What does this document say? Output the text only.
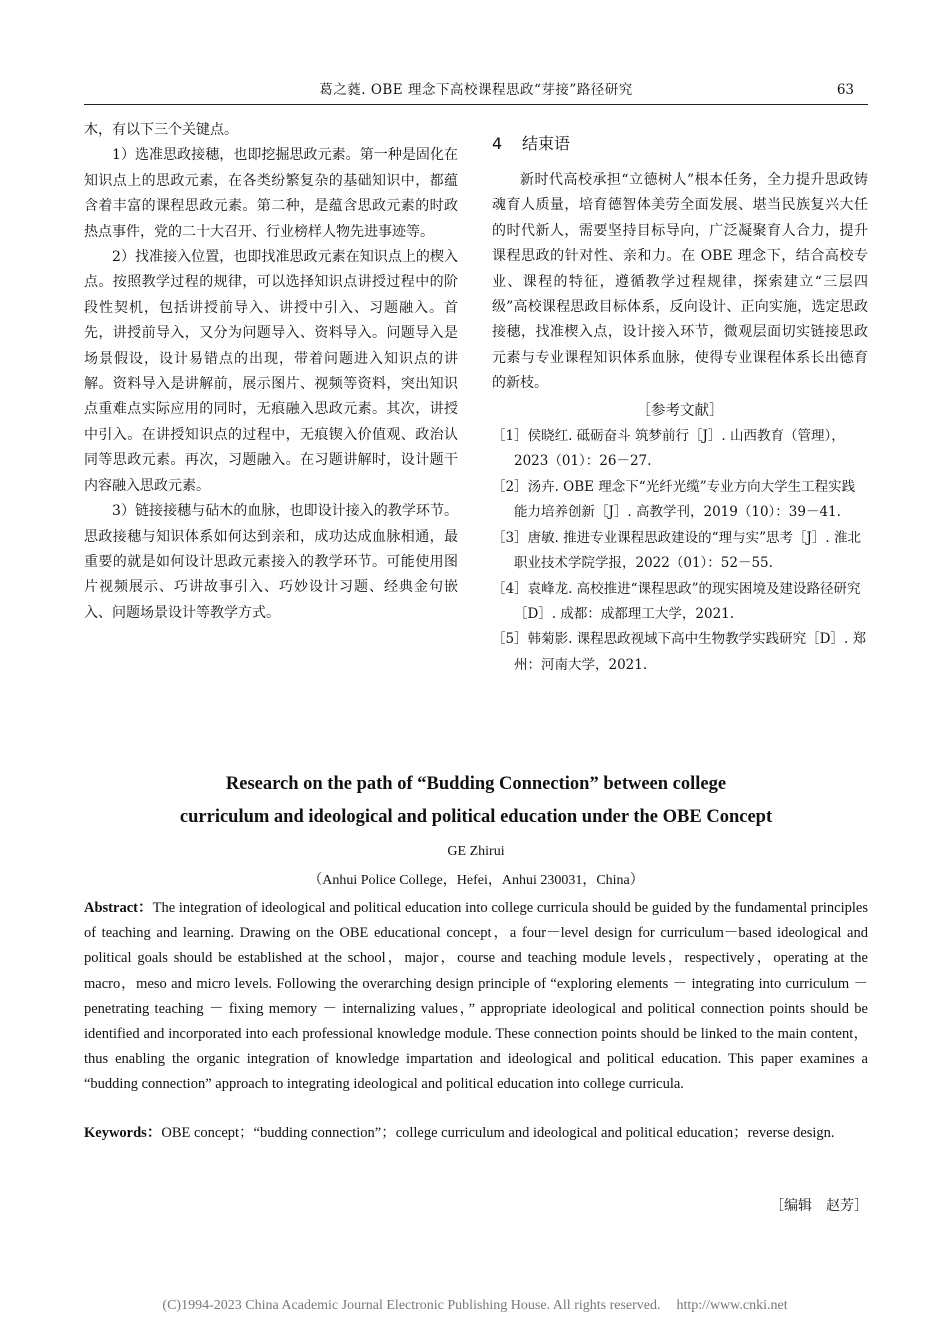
葛之蕤. OBE 理念下高校课程思政“芽接”路径研究	63

木，有以下三个关键点。

1）选准思政接穗，也即挖掘思政元素。第一种是固化在知识点上的思政元素，在各类纷繁复杂的基础知识中，都蕴含着丰富的课程思政元素。第二种，是蕴含思政元素的时政热点事件，党的二十大召开、行业榜样人物先进事迹等。

2）找准接入位置，也即找准思政元素在知识点上的楔入点。按照教学过程的规律，可以选择知识点讲授过程中的阶段性契机，包括讲授前导入、讲授中引入、习题融入。首先，讲授前导入，又分为问题导入、资料导入。问题导入是场景假设，设计易错点的出现，带着问题进入知识点的讲解。资料导入是讲解前，展示图片、视频等资料，突出知识点重难点实际应用的同时，无痕融入思政元素。其次，讲授中引入。在讲授知识点的过程中，无痕锲入价值观、政治认同等思政元素。再次，习题融入。在习题讲解时，设计题干内容融入思政元素。

3）链接接穗与砧木的血脉，也即设计接入的教学环节。思政接穗与知识体系如何达到亲和，成功达成血脉相通，最重要的就是如何设计思政元素接入的教学环节。可能使用图片视频展示、巧讲故事引入、巧妙设计习题、经典金句嵌入、问题场景设计等教学方式。

4 结束语

新时代高校承担“立德树人”根本任务，全力提升思政铸魂育人质量，培育德智体美劳全面发展、堪当民族复兴大任的时代新人，需要坚持目标导向，广泛凝聚育人合力，提升课程思政的针对性、亲和力。在 OBE 理念下，结合高校专业、课程的特征，遵循教学过程规律，探索建立“三层四级”高校课程思政目标体系，反向设计、正向实施，选定思政接穗，找准楔入点，设计接入环节，微观层面切实链接思政元素与专业课程知识体系血脉，使得专业课程体系长出德育的新枝。

［参考文献］

［1］侯晓红. 砥砺奋斗 筑梦前行［J］. 山西教育（管理），2023（01）：26－27.

［2］汤卉. OBE 理念下“光纤光缆”专业方向大学生工程实践能力培养创新［J］. 高教学刊，2019（10）：39－41.

［3］唐敏. 推进专业课程思政建设的“理与实”思考［J］. 淮北职业技术学院学报，2022（01）：52－55.

［4］袁峰龙. 高校推进“课程思政”的现实困境及建设路径研究［D］. 成都：成都理工大学，2021.

［5］韩菊影. 课程思政视域下高中生物教学实践研究［D］. 郑州：河南大学，2021.

Research on the path of “Budding Connection” between college

curriculum and ideological and political education under the OBE Concept

GE Zhirui

（Anhui Police College，Hefei，Anhui 230031，China）

Abstract：The integration of ideological and political education into college curricula should be guided by the fundamental principles of teaching and learning. Drawing on the OBE educational concept，a four－level design for curriculum－based ideological and political goals should be established at the school，major，course and teaching module levels，respectively，operating at the macro，meso and micro levels. Following the overarching design principle of “exploring elements － integrating into curriculum － penetrating teaching － fixing memory － internalizing values，” appropriate ideological and political connection points should be identified and incorporated into each professional knowledge module. These connection points should be linked to the main content，thus enabling the organic integration of knowledge impartation and ideological and political education. This paper examines a “budding connection” approach to integrating ideological and political education into college curricula.

Keywords：OBE concept；“budding connection”；college curriculum and ideological and political education；reverse design.

［编辑　赵芳］
(C)1994-2023 China Academic Journal Electronic Publishing House. All rights reserved. http://www.cnki.net
